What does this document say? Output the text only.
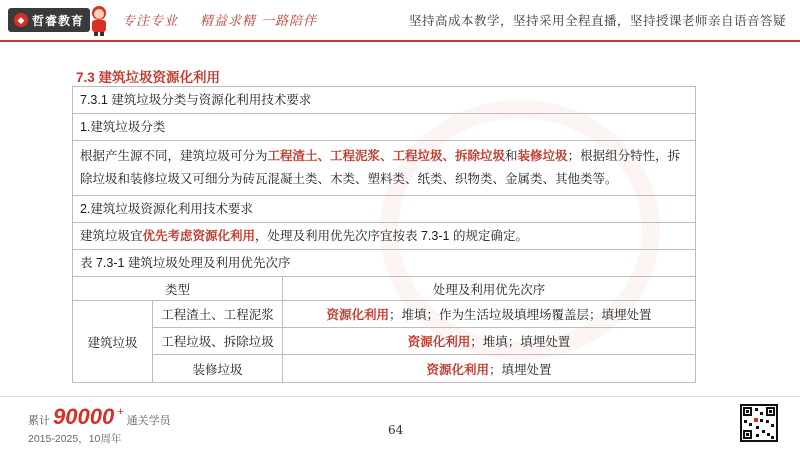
◆ 哲睿教育	专注专业 精益求精 一路陪伴	坚持高成本教学，坚持采用全程直播，坚持授课老师亲自语音答疑
7.3 建筑垃圾资源化利用
7.3.1 建筑垃圾分类与资源化利用技术要求
1.建筑垃圾分类
根据产生源不同，建筑垃圾可分为工程渣土、工程泥浆、工程垃圾、拆除垃圾和装修垃圾；根据组分特性，拆除垃圾和装修垃圾又可细分为砖瓦混凝土类、木类、塑料类、纸类、织物类、金属类、其他类等。
2.建筑垃圾资源化利用技术要求
建筑垃圾宜优先考虑资源化利用，处理及利用优先次序宜按表 7.3-1 的规定确定。
表 7.3-1 建筑垃圾处理及利用优先次序
类型	处理及利用优先次序
建筑垃圾
工程渣土、工程泥浆	资源化利用 ；堆填；作为生活垃圾填埋场覆盖层；填埋处置
工程垃圾、拆除垃圾	资源化利用 ；堆填；填埋处置
装修垃圾	资源化利用 ；填埋处置
累计 90000 +
通关学员
2015-2025，10周年
64
